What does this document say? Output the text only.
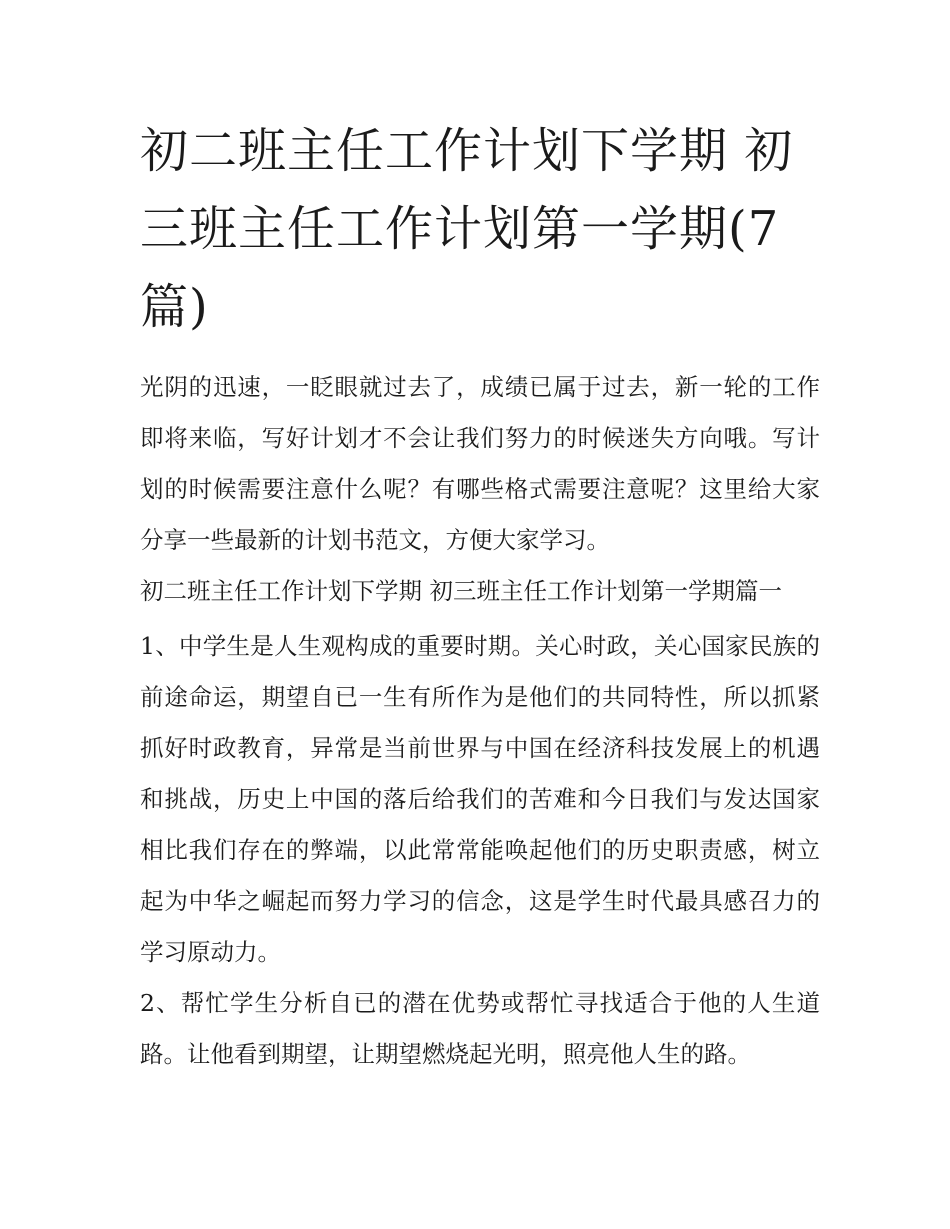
初二班主任工作计划下学期 初三班主任工作计划第一学期(7篇)

光阴的迅速，一眨眼就过去了，成绩已属于过去，新一轮的工作即将来临，写好计划才不会让我们努力的时候迷失方向哦。写计划的时候需要注意什么呢？有哪些格式需要注意呢？这里给大家分享一些最新的计划书范文，方便大家学习。

初二班主任工作计划下学期 初三班主任工作计划第一学期篇一

1、中学生是人生观构成的重要时期。关心时政，关心国家民族的前途命运，期望自已一生有所作为是他们的共同特性，所以抓紧抓好时政教育，异常是当前世界与中国在经济科技发展上的机遇和挑战，历史上中国的落后给我们的苦难和今日我们与发达国家相比我们存在的弊端，以此常常能唤起他们的历史职责感，树立起为中华之崛起而努力学习的信念，这是学生时代最具感召力的学习原动力。

2、帮忙学生分析自已的潜在优势或帮忙寻找适合于他的人生道路。让他看到期望，让期望燃烧起光明，照亮他人生的路。
